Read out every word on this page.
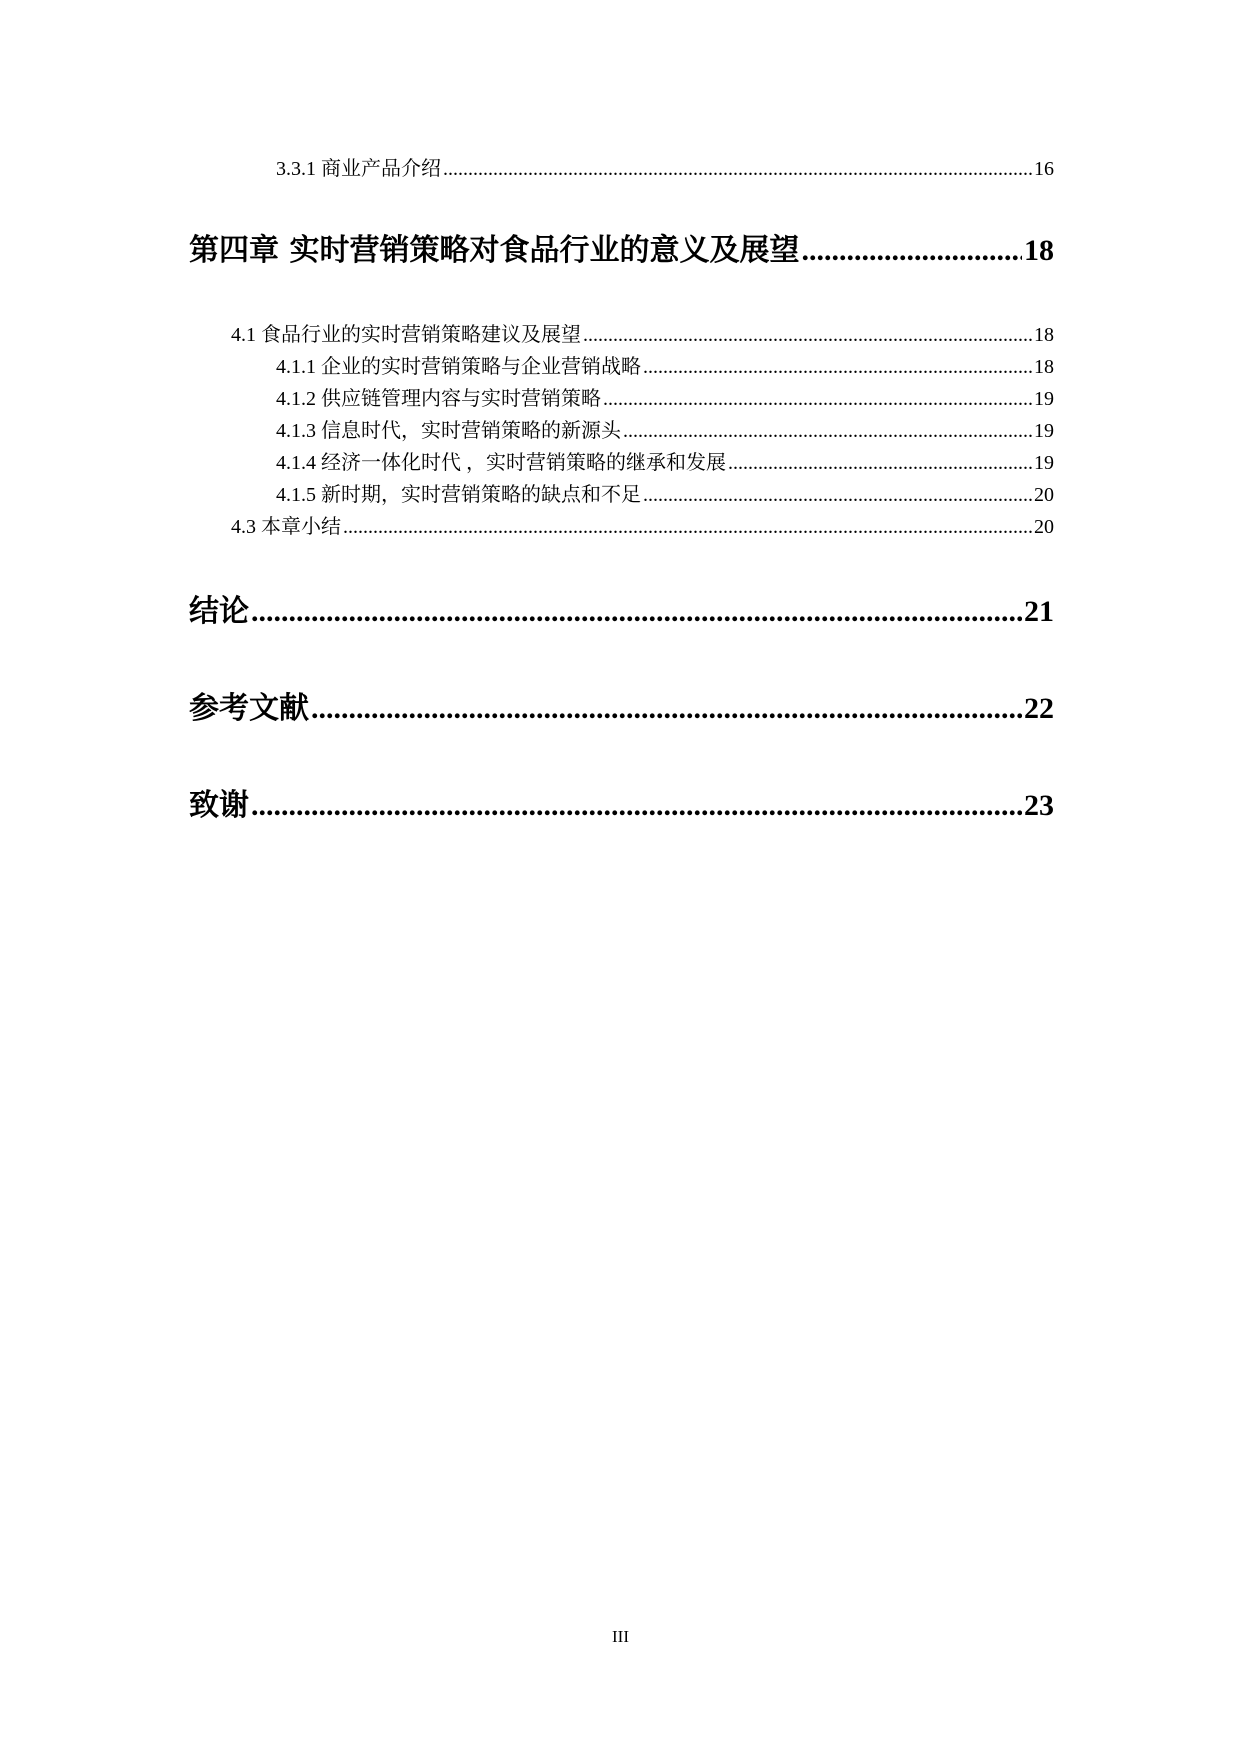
3.3.1 商业产品介绍 .....	16
第四章 实时营销策略对食品行业的意义及展望 .....	18
4.1 食品行业的实时营销策略建议及展望 .....	18
4.1.1 企业的实时营销策略与企业营销战略 .....	18
4.1.2 供应链管理内容与实时营销策略 .....	19
4.1.3 信息时代，实时营销策略的新源头 .....	19
4.1.4 经济一体化时代 ，实时营销策略的继承和发展 .....	19
4.1.5 新时期，实时营销策略的缺点和不足 .....	20
4.3 本章小结 .....	20
结论 .....	21
参考文献 .....	22
致谢 .....	23
III
